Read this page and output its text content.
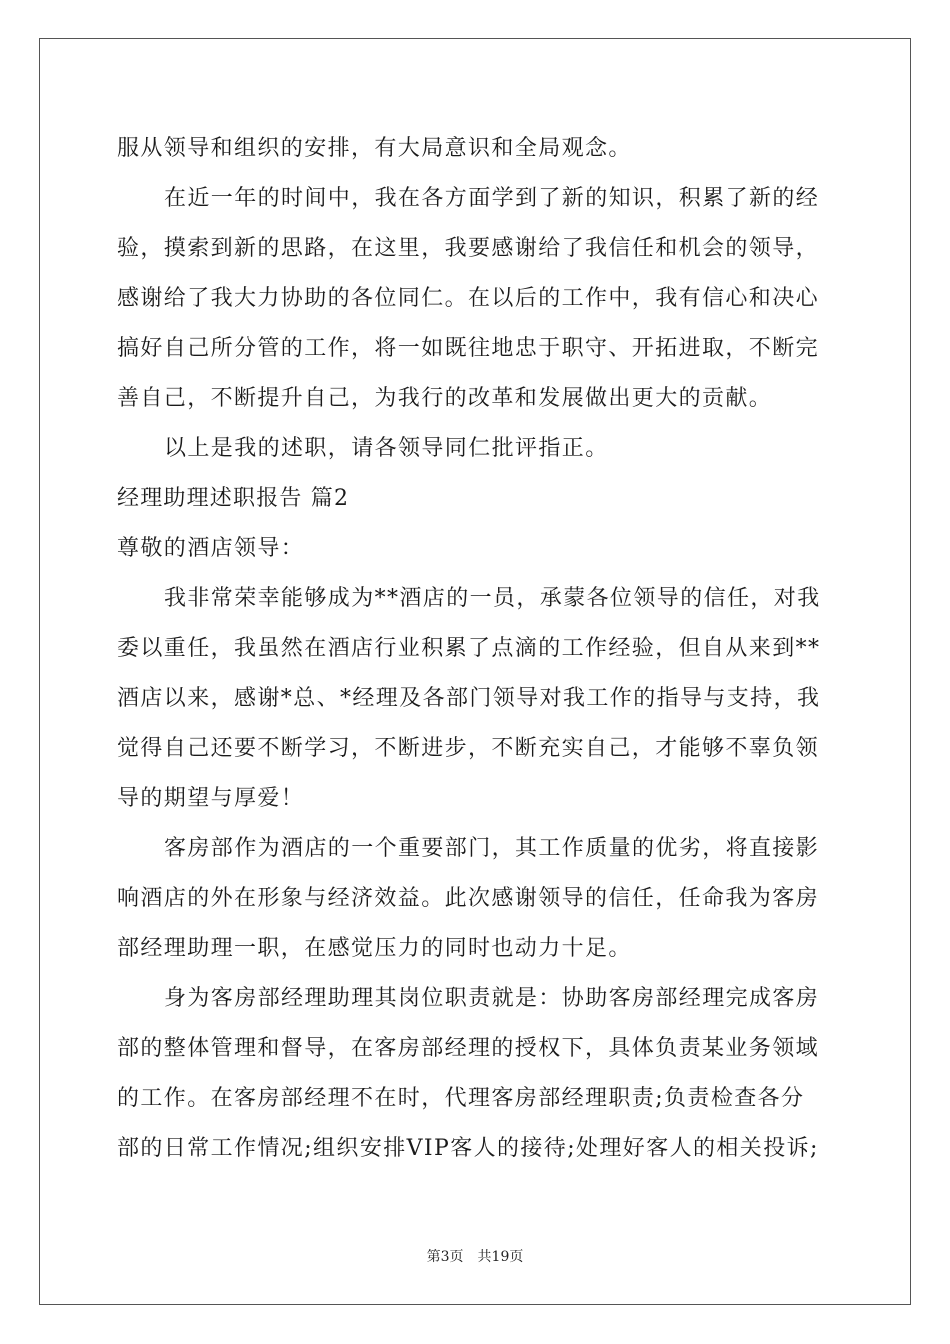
服从领导和组织的安排，有大局意识和全局观念。
在近一年的时间中，我在各方面学到了新的知识，积累了新的经
验，摸索到新的思路，在这里，我要感谢给了我信任和机会的领导，
感谢给了我大力协助的各位同仁。在以后的工作中，我有信心和决心
搞好自己所分管的工作，将一如既往地忠于职守、开拓进取，不断完
善自己，不断提升自己，为我行的改革和发展做出更大的贡献。
以上是我的述职，请各领导同仁批评指正。
经理助理述职报告 篇2
尊敬的酒店领导：
我非常荣幸能够成为**酒店的一员，承蒙各位领导的信任，对我
委以重任，我虽然在酒店行业积累了点滴的工作经验，但自从来到**
酒店以来，感谢*总、*经理及各部门领导对我工作的指导与支持，我
觉得自己还要不断学习，不断进步，不断充实自己，才能够不辜负领
导的期望与厚爱！
客房部作为酒店的一个重要部门，其工作质量的优劣，将直接影
响酒店的外在形象与经济效益。此次感谢领导的信任，任命我为客房
部经理助理一职，在感觉压力的同时也动力十足。
身为客房部经理助理其岗位职责就是：协助客房部经理完成客房
部的整体管理和督导，在客房部经理的授权下，具体负责某业务领域
的工作。在客房部经理不在时，代理客房部经理职责;负责检查各分
部的日常工作情况;组织安排VIP客人的接待;处理好客人的相关投诉;
第3页 共19页
